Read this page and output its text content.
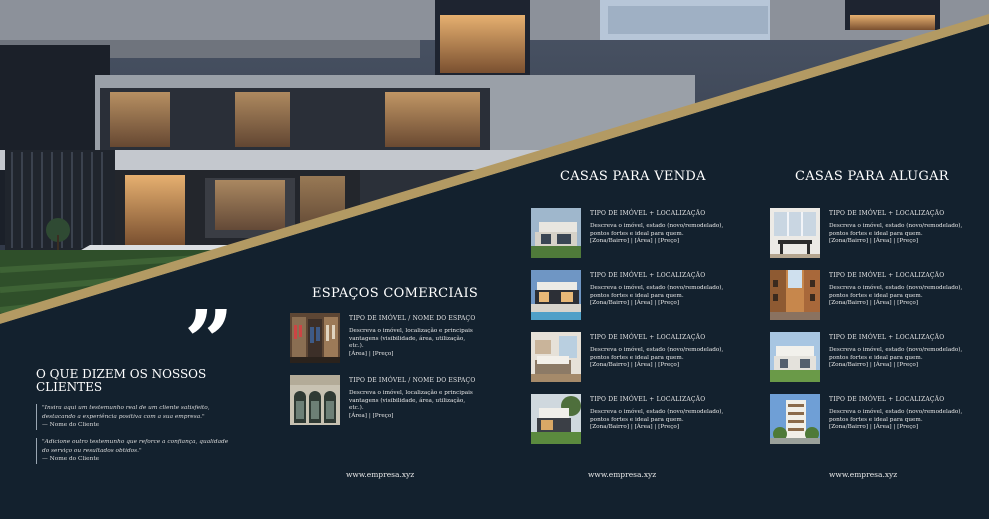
”
O QUE DIZEM OS NOSSOS CLIENTES
"Insira aqui um testemunho real de um cliente satisfeito, destacando a experiência positiva com a sua empresa."
— Nome do Cliente
"Adicione outro testemunho que reforce a confiança, qualidade do serviço ou resultados obtidos."
— Nome do Cliente
ESPAÇOS COMERCIAIS
TIPO DE IMÓVEL / NOME DO ESPAÇO
Descreva o imóvel, localização e principais vantagens (visibilidade, área, utilização, etc.).
[Área] | [Preço]
TIPO DE IMÓVEL / NOME DO ESPAÇO
Descreva o imóvel, localização e principais vantagens (visibilidade, área, utilização, etc.).
[Área] | [Preço]
www.empresa.xyz
CASAS PARA VENDA
TIPO DE IMÓVEL + LOCALIZAÇÃO
Descreva o imóvel, estado (novo/remodelado), pontos fortes e ideal para quem.
[Zona/Bairro] | [Área] | [Preço]
TIPO DE IMÓVEL + LOCALIZAÇÃO
Descreva o imóvel, estado (novo/remodelado), pontos fortes e ideal para quem.
[Zona/Bairro] | [Área] | [Preço]
TIPO DE IMÓVEL + LOCALIZAÇÃO
Descreva o imóvel, estado (novo/remodelado), pontos fortes e ideal para quem.
[Zona/Bairro] | [Área] | [Preço]
TIPO DE IMÓVEL + LOCALIZAÇÃO
Descreva o imóvel, estado (novo/remodelado), pontos fortes e ideal para quem.
[Zona/Bairro] | [Área] | [Preço]
www.empresa.xyz
CASAS PARA ALUGAR
TIPO DE IMÓVEL + LOCALIZAÇÃO
Descreva o imóvel, estado (novo/remodelado), pontos fortes e ideal para quem.
[Zona/Bairro] | [Área] | [Preço]
TIPO DE IMÓVEL + LOCALIZAÇÃO
Descreva o imóvel, estado (novo/remodelado), pontos fortes e ideal para quem.
[Zona/Bairro] | [Área] | [Preço]
TIPO DE IMÓVEL + LOCALIZAÇÃO
Descreva o imóvel, estado (novo/remodelado), pontos fortes e ideal para quem.
[Zona/Bairro] | [Área] | [Preço]
TIPO DE IMÓVEL + LOCALIZAÇÃO
Descreva o imóvel, estado (novo/remodelado), pontos fortes e ideal para quem.
[Zona/Bairro] | [Área] | [Preço]
www.empresa.xyz
